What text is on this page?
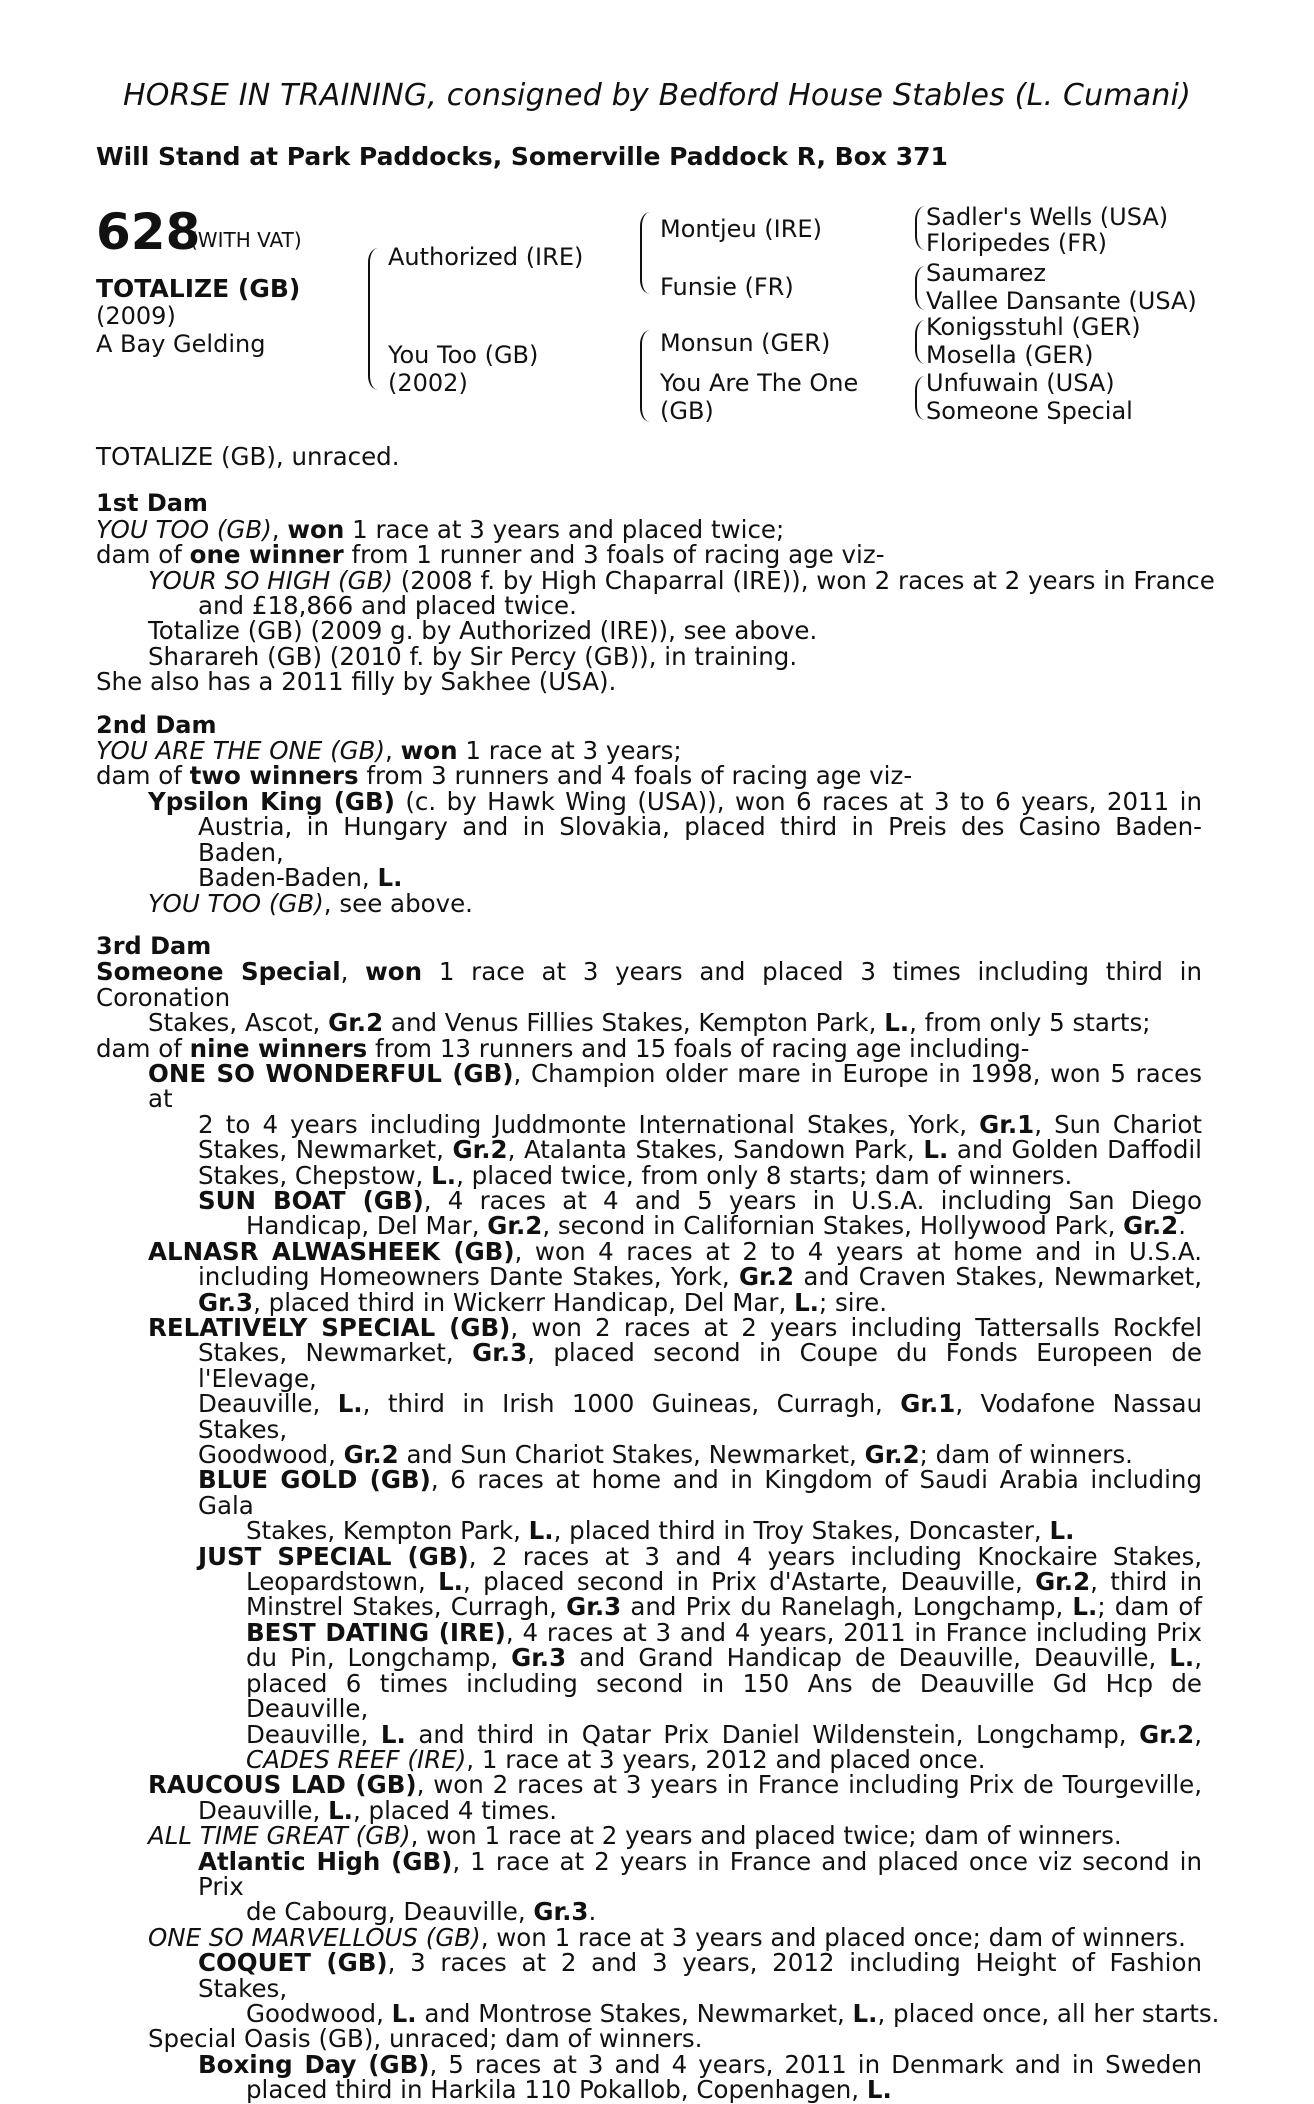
HORSE IN TRAINING, consigned by Bedford House Stables (L. Cumani)
Will Stand at Park Paddocks, Somerville Paddock R, Box 371
628
(WITH VAT)
TOTALIZE (GB)
(2009)
A Bay Gelding
Authorized (IRE)
You Too (GB)
(2002)
Montjeu (IRE)
Funsie (FR)
Monsun (GER)
You Are The One
(GB)
Sadler's Wells (USA)
Floripedes (FR)
Saumarez
Vallee Dansante (USA)
Konigsstuhl (GER)
Mosella (GER)
Unfuwain (USA)
Someone Special
TOTALIZE (GB), unraced.
1st Dam
YOU TOO (GB), won 1 race at 3 years and placed twice;
dam of one winner from 1 runner and 3 foals of racing age viz-
YOUR SO HIGH (GB) (2008 f. by High Chaparral (IRE)), won 2 races at 2 years in France
and £18,866 and placed twice.
Totalize (GB) (2009 g. by Authorized (IRE)), see above.
Sharareh (GB) (2010 f. by Sir Percy (GB)), in training.
She also has a 2011 filly by Sakhee (USA).
2nd Dam
YOU ARE THE ONE (GB), won 1 race at 3 years;
dam of two winners from 3 runners and 4 foals of racing age viz-
Ypsilon King (GB) (c. by Hawk Wing (USA)), won 6 races at 3 to 6 years, 2011 in
Austria, in Hungary and in Slovakia, placed third in Preis des Casino Baden-Baden,
Baden-Baden, L.
YOU TOO (GB), see above.
3rd Dam
Someone Special, won 1 race at 3 years and placed 3 times including third in Coronation
Stakes, Ascot, Gr.2 and Venus Fillies Stakes, Kempton Park, L., from only 5 starts;
dam of nine winners from 13 runners and 15 foals of racing age including-
ONE SO WONDERFUL (GB), Champion older mare in Europe in 1998, won 5 races at
2 to 4 years including Juddmonte International Stakes, York, Gr.1, Sun Chariot
Stakes, Newmarket, Gr.2, Atalanta Stakes, Sandown Park, L. and Golden Daffodil
Stakes, Chepstow, L., placed twice, from only 8 starts; dam of winners.
SUN BOAT (GB), 4 races at 4 and 5 years in U.S.A. including San Diego
Handicap, Del Mar, Gr.2, second in Californian Stakes, Hollywood Park, Gr.2.
ALNASR ALWASHEEK (GB), won 4 races at 2 to 4 years at home and in U.S.A.
including Homeowners Dante Stakes, York, Gr.2 and Craven Stakes, Newmarket,
Gr.3, placed third in Wickerr Handicap, Del Mar, L.; sire.
RELATIVELY SPECIAL (GB), won 2 races at 2 years including Tattersalls Rockfel
Stakes, Newmarket, Gr.3, placed second in Coupe du Fonds Europeen de l'Elevage,
Deauville, L., third in Irish 1000 Guineas, Curragh, Gr.1, Vodafone Nassau Stakes,
Goodwood, Gr.2 and Sun Chariot Stakes, Newmarket, Gr.2; dam of winners.
BLUE GOLD (GB), 6 races at home and in Kingdom of Saudi Arabia including Gala
Stakes, Kempton Park, L., placed third in Troy Stakes, Doncaster, L.
JUST SPECIAL (GB), 2 races at 3 and 4 years including Knockaire Stakes,
Leopardstown, L., placed second in Prix d'Astarte, Deauville, Gr.2, third in
Minstrel Stakes, Curragh, Gr.3 and Prix du Ranelagh, Longchamp, L.; dam of
BEST DATING (IRE), 4 races at 3 and 4 years, 2011 in France including Prix
du Pin, Longchamp, Gr.3 and Grand Handicap de Deauville, Deauville, L.,
placed 6 times including second in 150 Ans de Deauville Gd Hcp de Deauville,
Deauville, L. and third in Qatar Prix Daniel Wildenstein, Longchamp, Gr.2,
CADES REEF (IRE), 1 race at 3 years, 2012 and placed once.
RAUCOUS LAD (GB), won 2 races at 3 years in France including Prix de Tourgeville,
Deauville, L., placed 4 times.
ALL TIME GREAT (GB), won 1 race at 2 years and placed twice; dam of winners.
Atlantic High (GB), 1 race at 2 years in France and placed once viz second in Prix
de Cabourg, Deauville, Gr.3.
ONE SO MARVELLOUS (GB), won 1 race at 3 years and placed once; dam of winners.
COQUET (GB), 3 races at 2 and 3 years, 2012 including Height of Fashion Stakes,
Goodwood, L. and Montrose Stakes, Newmarket, L., placed once, all her starts.
Special Oasis (GB), unraced; dam of winners.
Boxing Day (GB), 5 races at 3 and 4 years, 2011 in Denmark and in Sweden
placed third in Harkila 110 Pokallob, Copenhagen, L.
